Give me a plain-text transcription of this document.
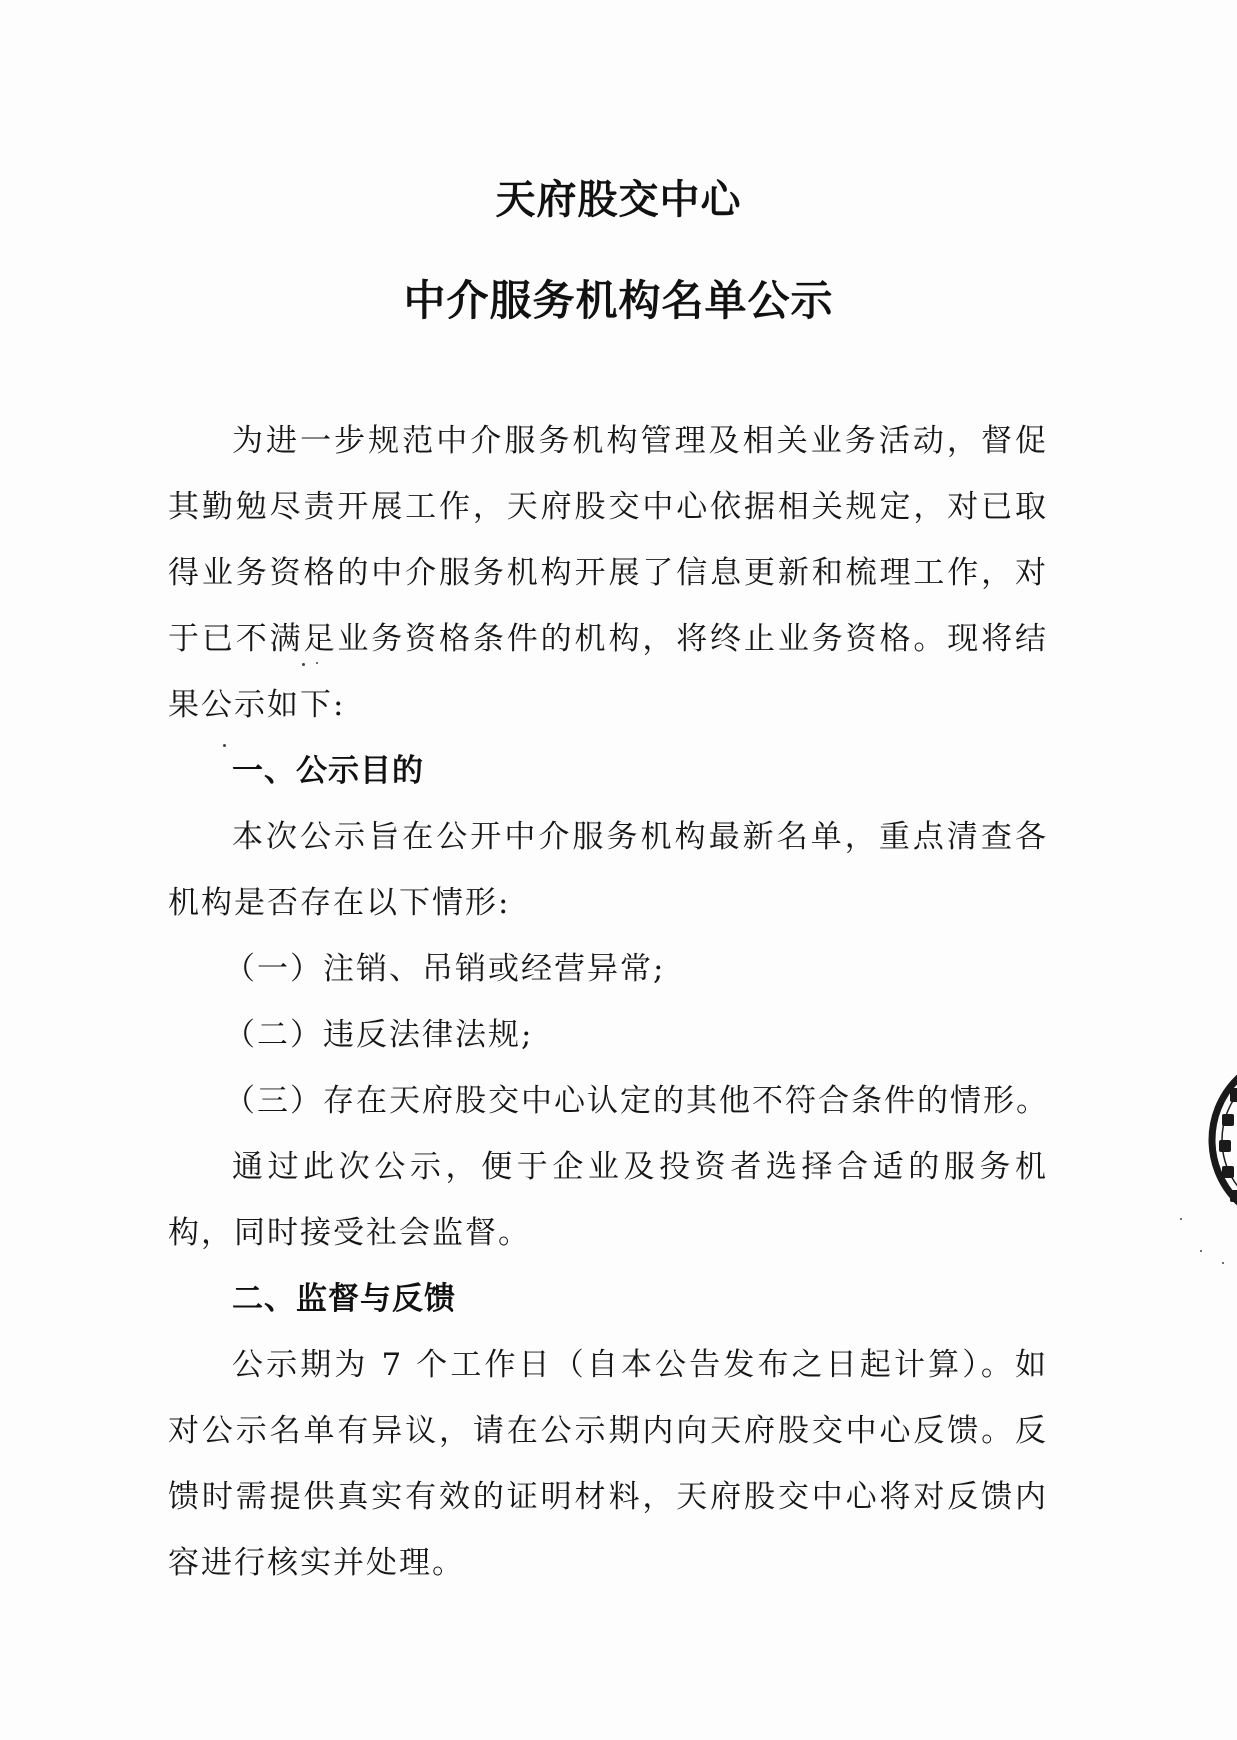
天府股交中心
中介服务机构名单公示

为进一步规范中介服务机构管理及相关业务活动，督促其勤勉尽责开展工作，天府股交中心依据相关规定，对已取得业务资格的中介服务机构开展了信息更新和梳理工作，对于已不满足业务资格条件的机构，将终止业务资格。现将结果公示如下:

一、公示目的

本次公示旨在公开中介服务机构最新名单，重点清查各机构是否存在以下情形:

（一）注销、吊销或经营异常;

（二）违反法律法规;

（三）存在天府股交中心认定的其他不符合条件的情形。

通过此次公示，便于企业及投资者选择合适的服务机构，同时接受社会监督。

二、监督与反馈

公示期为 7 个工作日（自本公告发布之日起计算）。如对公示名单有异议，请在公示期内向天府股交中心反馈。反馈时需提供真实有效的证明材料，天府股交中心将对反馈内容进行核实并处理。
